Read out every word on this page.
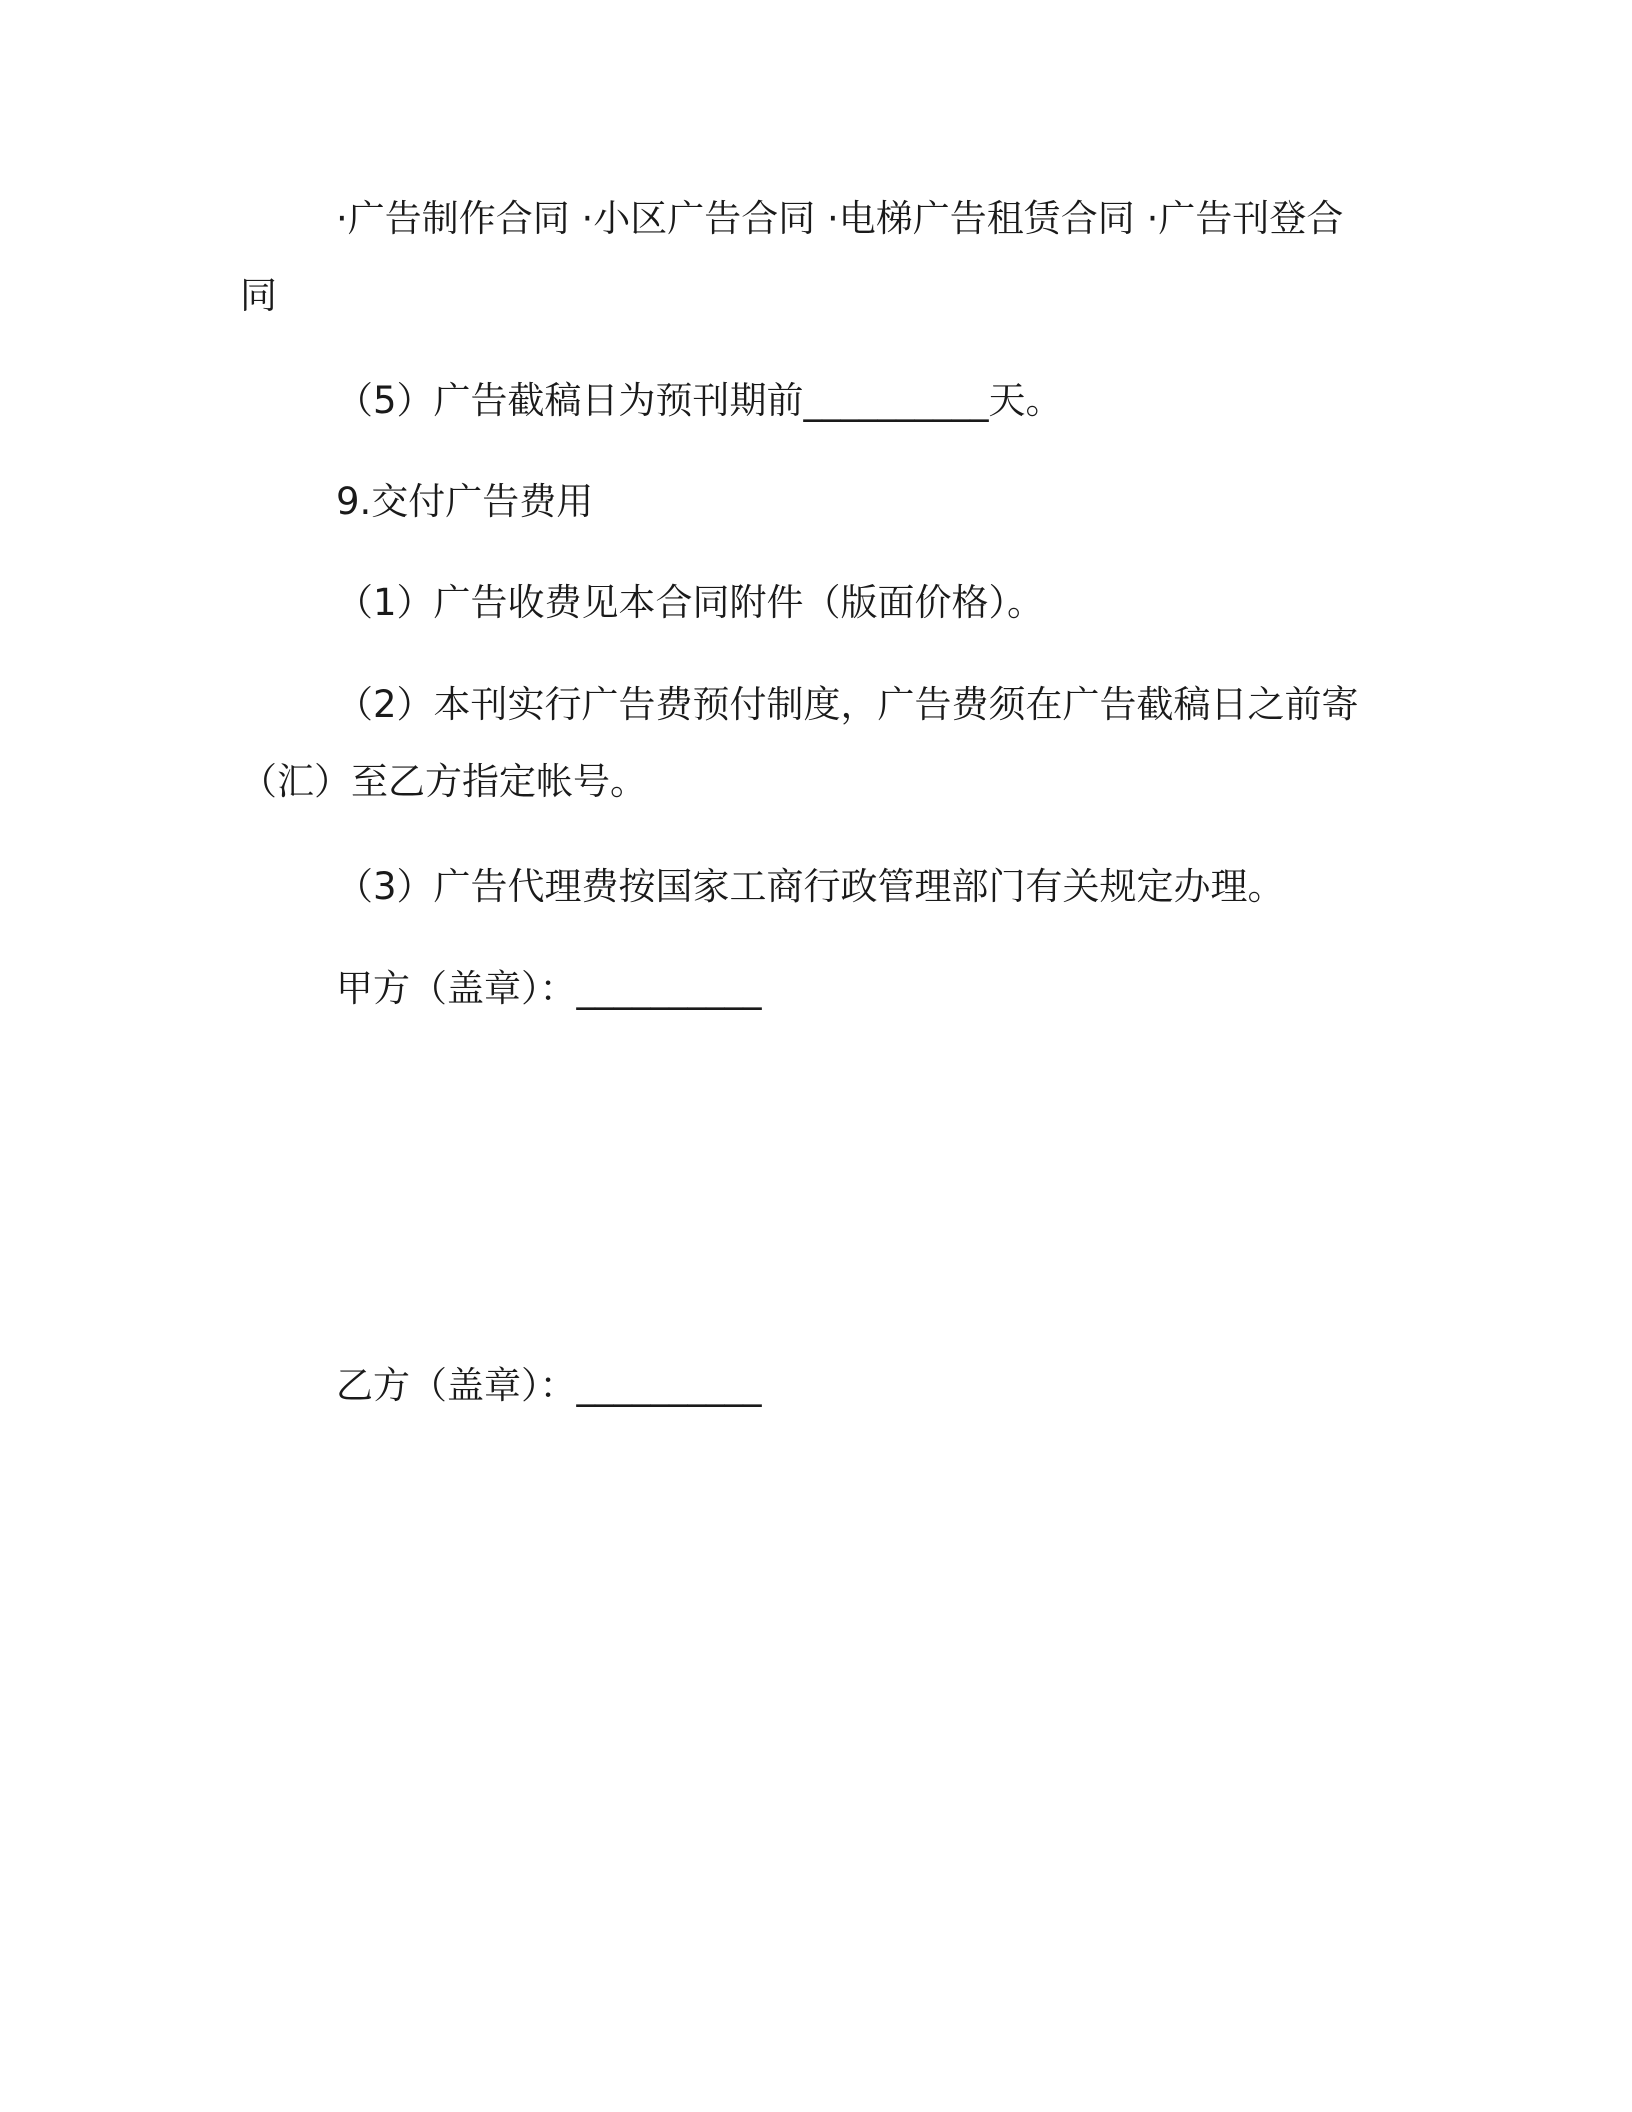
·广告制作合同 ·小区广告合同 ·电梯广告租赁合同 ·广告刊登合
同
（5）广告截稿日为预刊期前__________天。
9.交付广告费用
（1）广告收费见本合同附件（版面价格）。
（2）本刊实行广告费预付制度，广告费须在广告截稿日之前寄
（汇）至乙方指定帐号。
（3）广告代理费按国家工商行政管理部门有关规定办理。
甲方（盖章）：__________
乙方（盖章）：__________
